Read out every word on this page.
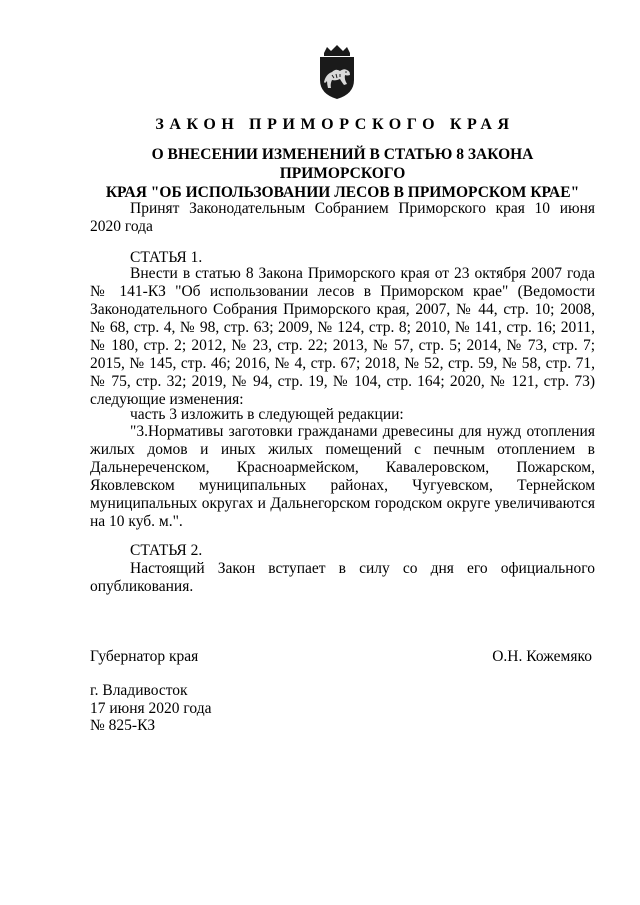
ЗАКОН ПРИМОРСКОГО КРАЯ
О ВНЕСЕНИИ ИЗМЕНЕНИЙ В СТАТЬЮ 8 ЗАКОНА ПРИМОРСКОГО
КРАЯ "ОБ ИСПОЛЬЗОВАНИИ ЛЕСОВ В ПРИМОРСКОМ КРАЕ"
Принят Законодательным Собранием Приморского края 10 июня 2020 года
СТАТЬЯ 1.
Внести в статью 8 Закона Приморского края от 23 октября 2007 года № 141-КЗ "Об использовании лесов в Приморском крае" (Ведомости Законодательного Собрания Приморского края, 2007, № 44, стр. 10; 2008, № 68, стр. 4, № 98, стр. 63; 2009, № 124, стр. 8; 2010, № 141, стр. 16; 2011, № 180, стр. 2; 2012, № 23, стр. 22; 2013, № 57, стр. 5; 2014, № 73, стр. 7; 2015, № 145, стр. 46; 2016, № 4, стр. 67; 2018, № 52, стр. 59, № 58, стр. 71, № 75, стр. 32; 2019, № 94, стр. 19, № 104, стр. 164; 2020, № 121, стр. 73) следующие изменения:
часть 3 изложить в следующей редакции:
"3.Нормативы заготовки гражданами древесины для нужд отопления жилых домов и иных жилых помещений с печным отоплением в Дальнереченском, Красноармейском, Кавалеровском, Пожарском, Яковлевском муниципальных районах, Чугуевском, Тернейском муниципальных округах и Дальнегорском городском округе увеличиваются на 10 куб. м.".
СТАТЬЯ 2.
Настоящий Закон вступает в силу со дня его официального опубликования.
Губернатор края	О.Н. Кожемяко
г. Владивосток
17 июня 2020 года
№ 825-КЗ
